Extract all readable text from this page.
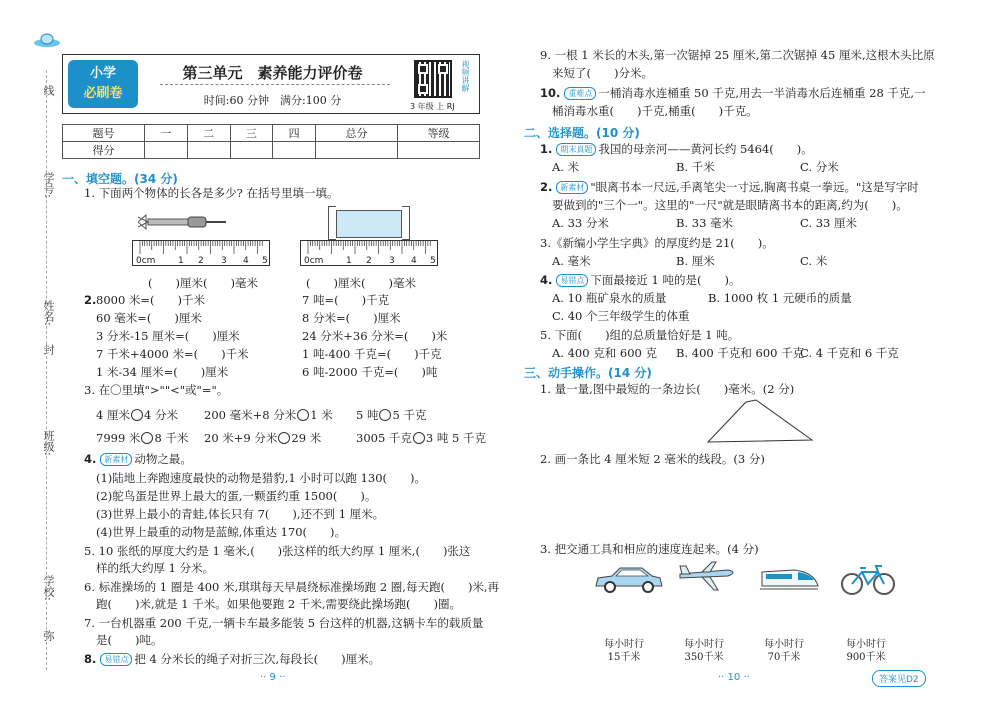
线
学号:
姓名:
封
班级:
学校:
弥
小学
必刷卷
第三单元　素养能力评价卷
时间:60 分钟　满分:100 分
视频讲解
3 年级 上 RJ
题号	一	二	三	四	总分	等级
得分						
一、填空题。(34 分)
1. 下面两个物体的长各是多少? 在括号里填一填。
0cm	1 2 3 4 5	0cm	1 2 3 4 5
(　　)厘米(　　)毫米	(　　)厘米(　　)毫米
2. 8000 米=(　　)千米	7 吨=(　　)千克
60 毫米=(　　)厘米	8 分米=(　　)厘米
3 分米-15 厘米=(　　)厘米	24 分米+36 分米=(　　)米
7 千米+4000 米=(　　)千米	1 吨-400 千克=(　　)千克
1 米-34 厘米=(　　)厘米	6 吨-2000 千克=(　　)吨
3. 在〇里填">""<"或"="。
4 厘米 4 分米 200 毫米+8 分米 1 米 5 吨 5 千克
7999 米 8 千米 20 米+9 分米 29 米	3005 千克 3 吨 5 千克
4. 新素材 动物之最。
(1)陆地上奔跑速度最快的动物是猎豹,1 小时可以跑 130(　　)。
(2)鸵鸟蛋是世界上最大的蛋,一颗蛋约重 1500(　　)。
(3)世界上最小的青蛙,体长只有 7(　　),还不到 1 厘米。
(4)世界上最重的动物是蓝鲸,体重达 170(　　)。
5. 10 张纸的厚度大约是 1 毫米,(　　)张这样的纸大约厚 1 厘米,(　　)张这
样的纸大约厚 1 分米。
6. 标准操场的 1 圈是 400 米,琪琪每天早晨绕标准操场跑 2 圈,每天跑(　　)米,再
跑(　　)米,就是 1 千米。如果他要跑 2 千米,需要绕此操场跑(　　)圈。
7. 一台机器重 200 千克,一辆卡车最多能装 5 台这样的机器,这辆卡车的载质量
是(　　)吨。
8. 易错点 把 4 分米长的绳子对折三次,每段长(　　)厘米。
·· 9 ··
9. 一根 1 米长的木头,第一次锯掉 25 厘米,第二次锯掉 45 厘米,这根木头比原
来短了(　　)分米。
10. 重难点 一桶消毒水连桶重 50 千克,用去一半消毒水后连桶重 28 千克,一
桶消毒水重(　　)千克,桶重(　　)千克。
二、选择题。(10 分)
1. 期末真题 我国的母亲河——黄河长约 5464(　　)。
A. 米	B. 千米	C. 分米
2. 新素材 "眼离书本一尺远,手离笔尖一寸远,胸离书桌一拳远。"这是写字时
要做到的"三个一"。这里的"一尺"就是眼睛离书本的距离,约为(　　)。
A. 33 分米	B. 33 毫米	C. 33 厘米
3.《新编小学生字典》的厚度约是 21(　　)。
A. 毫米	B. 厘米	C. 米
4. 易错点 下面最接近 1 吨的是(　　)。
A. 10 瓶矿泉水的质量	B. 1000 枚 1 元硬币的质量
C. 40 个三年级学生的体重
5. 下面(　　)组的总质量恰好是 1 吨。
A. 400 克和 600 克 B. 400 千克和 600 千克
C. 4 千克和 6 千克
三、动手操作。(14 分)
1. 量一量,图中最短的一条边长(　　)毫米。(2 分)
2. 画一条比 4 厘米短 2 毫米的线段。(3 分)
3. 把交通工具和相应的速度连起来。(4 分)
每小时行
15千米
每小时行
350千米
每小时行
70千米
每小时行
900千米
·· 10 ··	答案见D2
